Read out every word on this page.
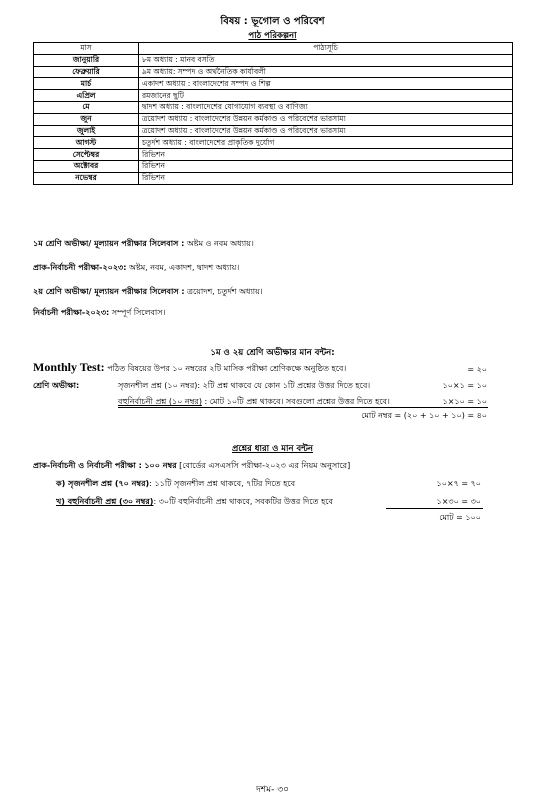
বিষয় : ভূগোল ও পরিবেশ
পাঠ পরিকল্পনা
মাস	পাঠ্যসূচি
জানুয়ারি	৮ম অধ্যায় : মানব বসতি
ফেব্রুয়ারি	৯ম অধ্যায়: সম্পদ ও অর্থনৈতিক কার্যাবলী
মার্চ	একাদশ অধ্যায় : বাংলাদেশের সম্পদ ও শিল্প
এপ্রিল	রমজানের ছুটি
মে	দ্বাদশ অধ্যায় : বাংলাদেশের যোগাযোগ ব্যবস্থা ও বাণিজ্য
জুন	ত্রয়োদশ অধ্যায় : বাংলাদেশের উন্নয়ন কর্মকাণ্ড ও পরিবেশের ভারসাম্য
জুলাই	ত্রয়োদশ অধ্যায় : বাংলাদেশের উন্নয়ন কর্মকাণ্ড ও পরিবেশের ভারসাম্য
আগস্ট	চতুর্দশ অধ্যায় : বাংলাদেশের প্রাকৃতিক দুর্যোগ
সেপ্টেম্বর	রিভিশন
অক্টোবর	রিভিশন
নভেম্বর	রিভিশন
১ম শ্রেণি অভীক্ষা/ মূল্যায়ন পরীক্ষার সিলেবাস : অষ্টম ও নবম অধ্যায়।
প্রাক-নির্বাচনী পরীক্ষা-২০২৩: অষ্টম, নবম, একাদশ, দ্বাদশ অধ্যায়।
২য় শ্রেণি অভীক্ষা/ মূল্যায়ন পরীক্ষার সিলেবাস : ত্রয়োদশ, চতুর্দশ অধ্যায়।
নির্বাচনী পরীক্ষা-২০২৩: সম্পূর্ণ সিলেবাস।
১ম ও ২য় শ্রেণি অভীক্ষার মান বন্টন:
Monthly Test: পঠিত বিষয়ের উপর ১০ নম্বরের ২টি মাসিক পরীক্ষা শ্রেণিকক্ষে অনুষ্ঠিত হবে।	= ২০
শ্রেণি অভীক্ষা:	সৃজনশীল প্রশ্ন (১০ নম্বর): ২টি প্রশ্ন থাকবে যে কোন ১টি প্রশ্নের উত্তর দিতে হবে।	১০×১ = ১০
বহুনির্বাচনী প্রশ্ন (১০ নম্বর) : মোট ১০টি প্রশ্ন থাকবে। সবগুলো প্রশ্নের উত্তর দিতে হবে।	১×১০ = ১০
মোট নম্বর = (২০ + ১০ + ১০) = ৪০
প্রশ্নের ধারা ও মান বন্টন
প্রাক-নির্বাচনী ও নির্বাচনী পরীক্ষা : ১০০ নম্বর [বোর্ডের এসএসসি পরীক্ষা-২০২৩ এর নিয়ম অনুসারে]
ক) সৃজনশীল প্রশ্ন (৭০ নম্বর): ১১টি সৃজনশীল প্রশ্ন থাকবে, ৭টির দিতে হবে	১০×৭ = ৭০
খ) বহুনির্বাচনী প্রশ্ন (৩০ নম্বর): ৩০টি বহুনির্বাচনী প্রশ্ন থাকবে, সবকটির উত্তর দিতে হবে	১×৩০ = ৩০
মোট = ১০০
দশম- ৩০
